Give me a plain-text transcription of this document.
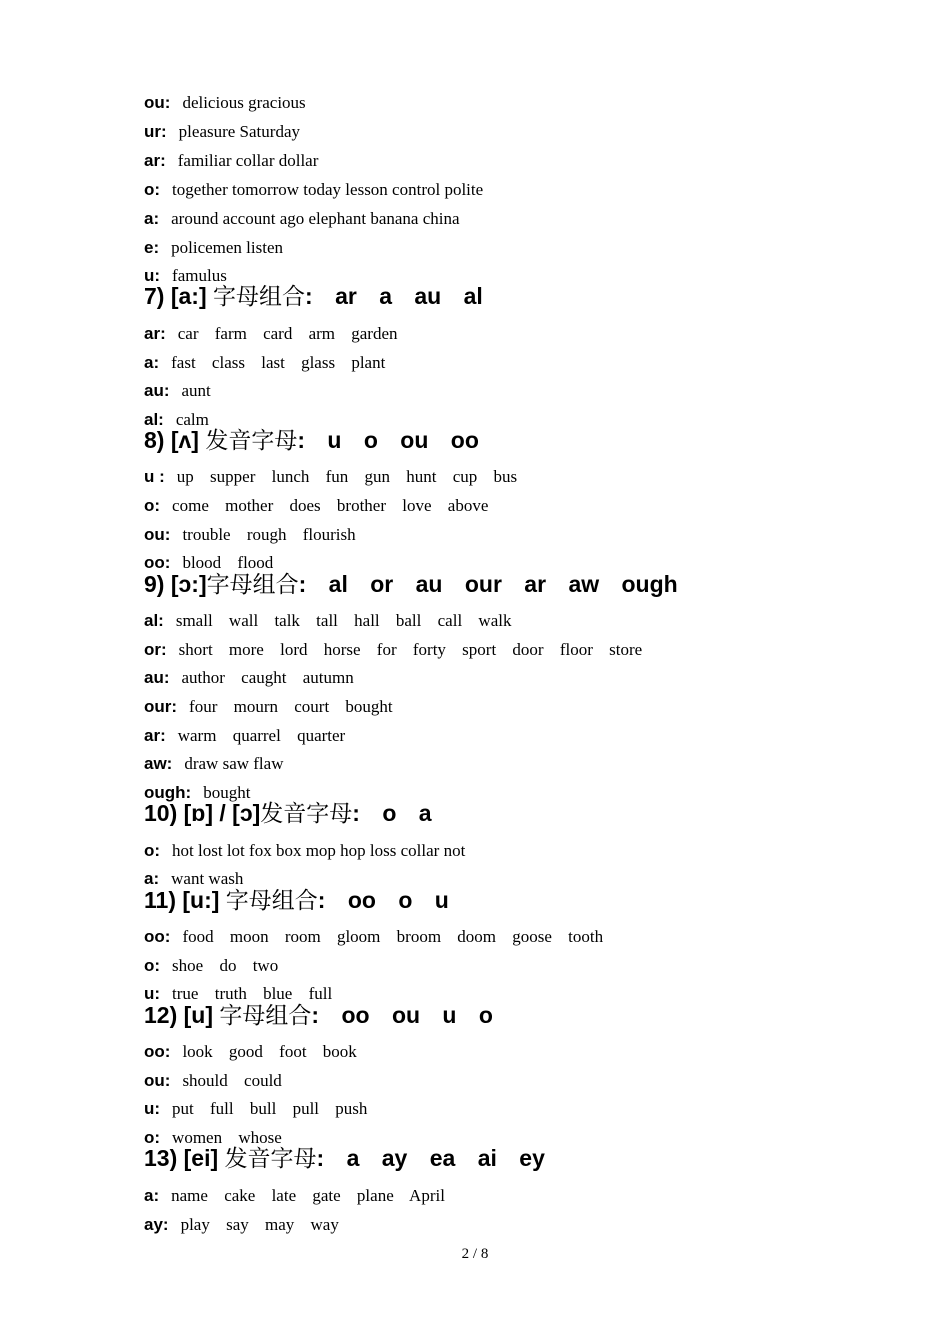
ou: delicious gracious
ur: pleasure Saturday
ar: familiar collar dollar
o: together tomorrow today lesson control polite
a: around account ago elephant banana china
e: policemen listen
u: famulus
7) [a:] 字母组合: ar a au al
ar: car farm card arm garden
a: fast class last glass plant
au: aunt
al: calm
8) [ʌ] 发音字母: u o ou oo
u : up supper lunch fun gun hunt cup bus
o: come mother does brother love above
ou: trouble rough flourish
oo: blood flood
9) [ɔ:]字母组合: al or au our ar aw ough
al: small wall talk tall hall ball call walk
or: short more lord horse for forty sport door floor store
au: author caught autumn
our: four mourn court bought
ar: warm quarrel quarter
aw: draw saw flaw
ough: bought
10) [ɒ] / [ɔ]发音字母: o a
o: hot lost lot fox box mop hop loss collar not
a: want wash
11) [u:] 字母组合: oo o u
oo: food moon room gloom broom doom goose tooth
o: shoe do two
u: true truth blue full
12) [u] 字母组合: oo ou u o
oo: look good foot book
ou: should could
u: put full bull pull push
o: women whose
13) [ei] 发音字母: a ay ea ai ey
a: name cake late gate plane April
ay: play say may way
2 / 8
